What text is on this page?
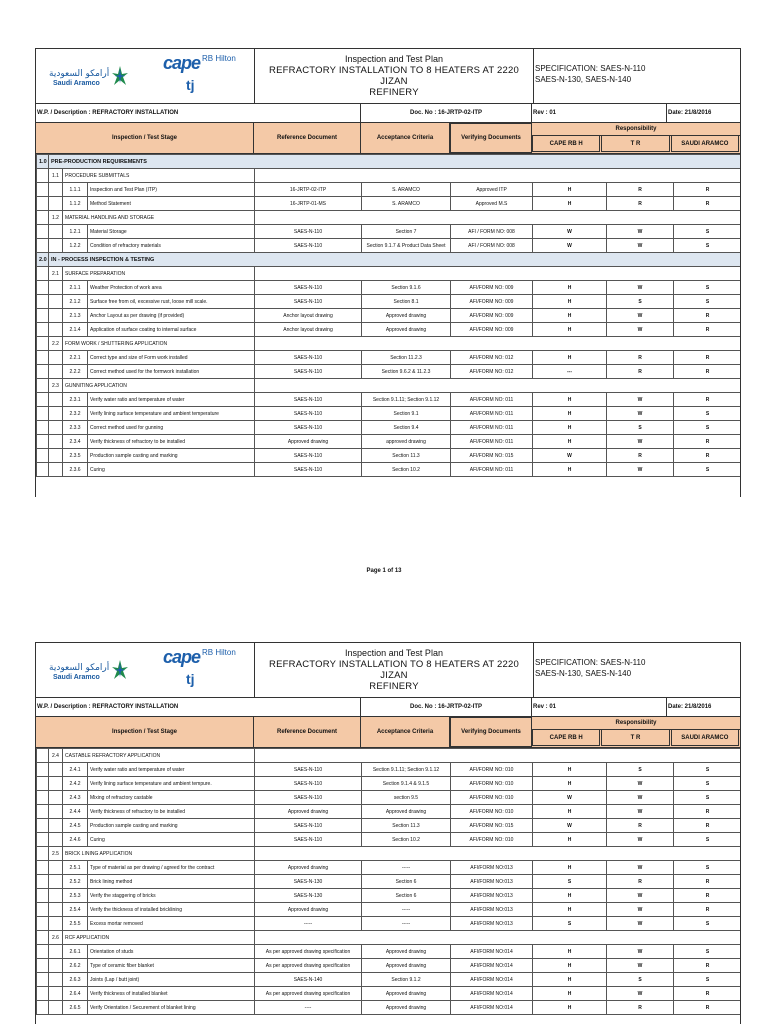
أرامكو السعودية
Saudi Aramco
cape RB Hilton
tj
Inspection and Test Plan
REFRACTORY INSTALLATION TO 8 HEATERS AT 2220 JIZAN
REFINERY
SPECIFICATION: SAES-N-110
SAES-N-130, SAES-N-140
W.P. / Description : REFRACTORY INSTALLATION	Doc. No : 16-JRTP-02-ITP	Rev : 01	Date: 21/8/2016
Inspection / Test Stage	Reference Document	Acceptance Criteria	Verifying Documents
Responsibility
CAPE RB H	T R	SAUDI ARAMCO
1.0	PRE-PRODUCTION REQUIREMENTS								
	1.1	PROCEDURE SUBMITTALS							
		1.1.1	Inspection and Test Plan (ITP)	16-JRTP-02-ITP	S. ARAMCO	Approved ITP	H	R	R
		1.1.2	Method Statement	16-JRTP-01-MS	S. ARAMCO	Approved M.S	H	R	R
	1.2	MATERIAL HANDLING AND STORAGE							
		1.2.1	Material Storage	SAES-N-110	Section 7	AFI / FORM NO: 008	W	W	S
		1.2.2	Condition of refractory materials	SAES-N-110	Section 9.1.7 & Product Data Sheet	AFI / FORM NO: 008	W	W	S
2.0	IN - PROCESS INSPECTION & TESTING								
	2.1	SURFACE PREPARATION							
		2.1.1	Weather Protection of work area	SAES-N-110	Section 9.1.6	AFI/FORM NO: 009	H	W	S
		2.1.2	Surface free from oil, excessive rust, loose mill scale.	SAES-N-110	Section 8.1	AFI/FORM NO: 009	H	S	S
		2.1.3	Anchor Layout as per drawing (if provided)	Anchor layout drawing	Approved drawing	AFI/FORM NO: 009	H	W	R
		2.1.4	Application of surface coating to internal surface	Anchor layout drawing	Approved drawing	AFI/FORM NO: 009	H	W	R
	2.2	FORM WORK / SHUTTERING APPLICATION							
		2.2.1	Correct type and size of Form work installed	SAES-N-110	Section 11.2.3	AFI/FORM NO: 012	H	R	R
		2.2.2	Correct method used for the formwork installation	SAES-N-110	Section 9.6.2 & 11.2.3	AFI/FORM NO: 012	---	R	R
	2.3	GUNNITING APPLICATION							
		2.3.1	Verify water ratio and temperature of water	SAES-N-110	Section 9.1.11; Section 9.1.12	AFI/FORM NO: 011	H	W	R
		2.3.2	Verify lining surface temperature and ambient temperature	SAES-N-110	Section 9.1	AFI/FORM NO: 011	H	W	S
		2.3.3	Correct method used for gunning	SAES-N-110	Section 9.4	AFI/FORM NO: 011	H	S	S
		2.3.4	Verify thickness of refractory to be installed	Approved drawing	approved drawing	AFI/FORM NO: 011	H	W	R
		2.3.5	Production sample casting and marking	SAES-N-110	Section 11.3	AFI/FORM NO: 015	W	R	R
		2.3.6	Curing	SAES-N-110	Section 10.2	AFI/FORM NO: 011	H	W	S
Page 1 of 13
أرامكو السعودية
Saudi Aramco
cape RB Hilton
tj
Inspection and Test Plan
REFRACTORY INSTALLATION TO 8 HEATERS AT 2220 JIZAN
REFINERY
SPECIFICATION: SAES-N-110
SAES-N-130, SAES-N-140
W.P. / Description : REFRACTORY INSTALLATION	Doc. No : 16-JRTP-02-ITP	Rev : 01	Date: 21/8/2016
Inspection / Test Stage	Reference Document	Acceptance Criteria	Verifying Documents
Responsibility
CAPE RB H	T R	SAUDI ARAMCO
	2.4	CASTABLE REFRACTORY APPLICATION							
		2.4.1	Verify water ratio and temperature of water	SAES-N-110	Section 9.1.11; Section 9.1.12	AFI/FORM NO: 010	H	S	S
		2.4.2	Verify lining surface temperature and ambient tempure.	SAES-N-110	Section 9.1.4 & 9.1.5	AFI/FORM NO: 010	H	W	S
		2.4.3	Mixing of refractory castable	SAES-N-110	section 9.5	AFI/FORM NO: 010	W	W	S
		2.4.4	Verify thickness of refractory to be installed	Approved drawing	Approved drawing	AFI/FORM NO: 010	H	W	R
		2.4.5	Production sample casting and marking	SAES-N-110	Section 11.3	AFI/FORM NO: 015	W	R	R
		2.4.6	Curing	SAES-N-110	Section 10.2	AFI/FORM NO: 010	H	W	S
	2.5	BRICK LINING APPLICATION							
		2.5.1	Type of material as per drawing / agreed for the contract	Approved drawing	-----	AFI/FORM NO:013	H	W	S
		2.5.2	Brick lining method	SAES-N-130	Section 6	AFI/FORM NO:013	S	R	R
		2.5.3	Verify the staggering of bricks	SAES-N-130	Section 6	AFI/FORM NO:013	H	W	R
		2.5.4	Verify the thickness of installed bricklining	Approved drawing	-----	AFI/FORM NO:013	H	W	R
		2.5.5	Excess mortar removed	-----	-----	AFI/FORM NO:013	S	W	S
	2.6	RCF APPLICATION							
		2.6.1	Orientation of studs	As per approved drawing specification	Approved drawing	AFI/FORM NO:014	H	W	S
		2.6.2	Type of ceramic fiber blanket	As per approved drawing specification	Approved drawing	AFI/FORM NO:014	H	W	R
		2.6.3	Joints (Lap / butt joint)	SAES-N-140	Section 9.1.2	AFI/FORM NO:014	H	S	S
		2.6.4	Verify thickness of installed blanket	As per approved drawing specification	Approved drawing	AFI/FORM NO:014	H	W	R
		2.6.5	Verify Orientation / Securement of blanket lining	----	Approved drawing	AFI/FORM NO:014	H	R	R
